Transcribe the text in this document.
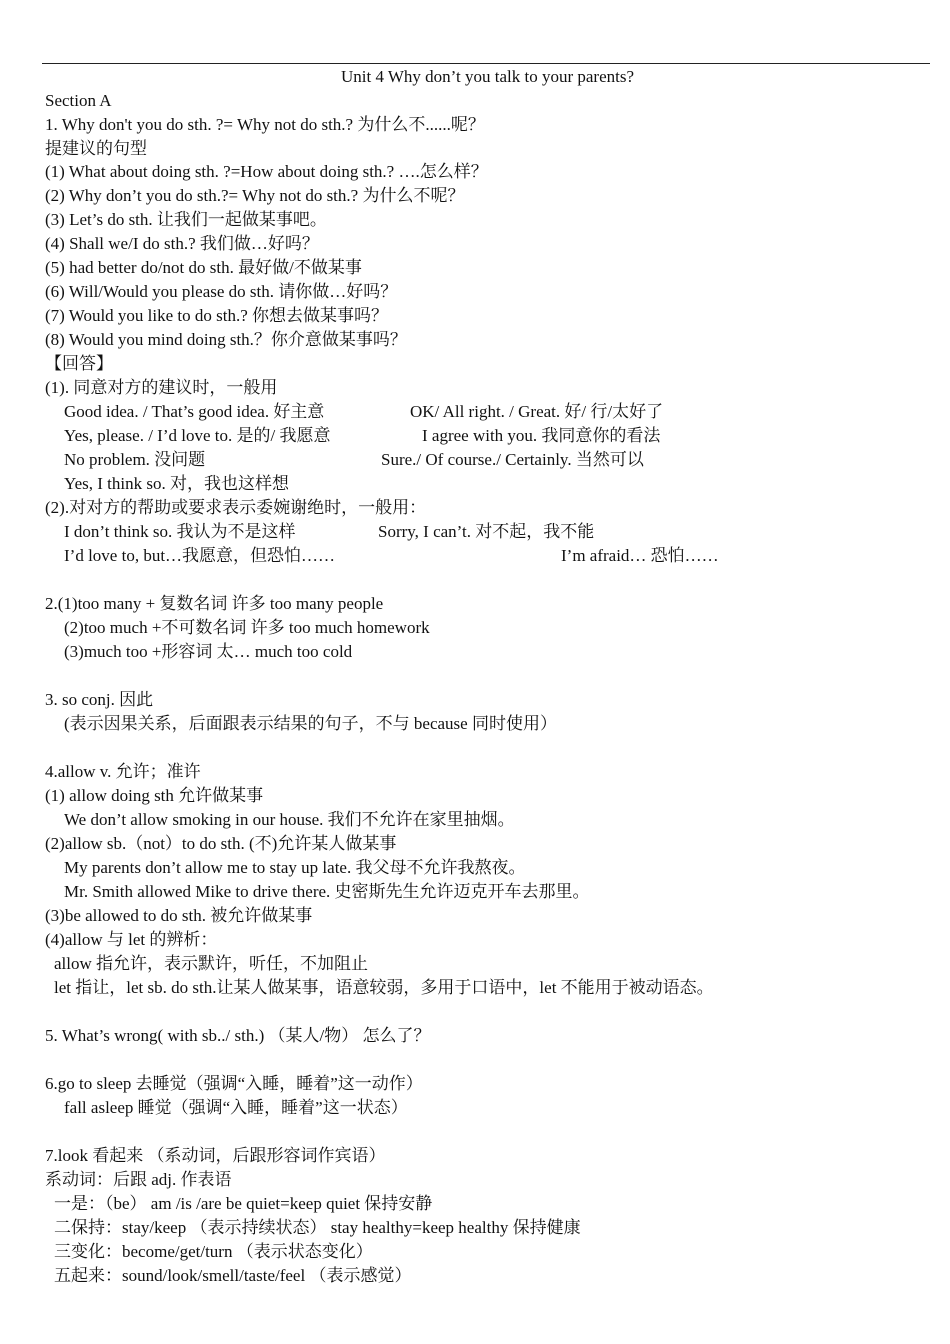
Unit 4 Why don’t you talk to your parents?
Section A
1. Why don't you do sth. ?= Why not do sth.? 为什么不......呢？
提建议的句型
(1) What about doing sth. ?=How about doing sth.? ….怎么样？
(2) Why don’t you do sth.?= Why not do sth.? 为什么不呢？
(3) Let’s do sth. 让我们一起做某事吧。
(4) Shall we/I do sth.? 我们做…好吗？
(5) had better do/not do sth. 最好做/不做某事
(6) Will/Would you please do sth. 请你做…好吗？
(7) Would you like to do sth.? 你想去做某事吗？
(8) Would you mind doing sth.？你介意做某事吗？
【回答】
(1). 同意对方的建议时，一般用
Good idea. / That’s good idea. 好主意	OK/ All right. / Great. 好/ 行/太好了
Yes, please. / I’d love to. 是的/ 我愿意	I agree with you. 我同意你的看法
No problem. 没问题	Sure./ Of course./ Certainly. 当然可以
Yes, I think so. 对，我也这样想
(2).对对方的帮助或要求表示委婉谢绝时，一般用：
I don’t think so. 我认为不是这样	Sorry, I can’t. 对不起，我不能
I’d love to, but…我愿意，但恐怕……	I’m afraid… 恐怕……
2.(1)too many + 复数名词 许多 too many people
(2)too much +不可数名词 许多 too much homework
(3)much too +形容词 太… much too cold
3. so conj. 因此
(表示因果关系，后面跟表示结果的句子，不与 because 同时使用）
4.allow v. 允许；准许
(1) allow doing sth 允许做某事
We don’t allow smoking in our house. 我们不允许在家里抽烟。
(2)allow sb.（not）to do sth. (不)允许某人做某事
My parents don’t allow me to stay up late. 我父母不允许我熬夜。
Mr. Smith allowed Mike to drive there. 史密斯先生允许迈克开车去那里。
(3)be allowed to do sth. 被允许做某事
(4)allow 与 let 的辨析：
allow 指允许，表示默许，听任，不加阻止
let 指让，let sb. do sth.让某人做某事，语意较弱，多用于口语中，let 不能用于被动语态。
5. What’s wrong( with sb../ sth.) （某人/物） 怎么了？
6.go to sleep 去睡觉（强调“入睡，睡着”这一动作）
fall asleep 睡觉（强调“入睡，睡着”这一状态）
7.look 看起来 （系动词，后跟形容词作宾语）
系动词：后跟 adj. 作表语
一是：（be） am /is /are be quiet=keep quiet 保持安静
二保持：stay/keep （表示持续状态） stay healthy=keep healthy 保持健康
三变化：become/get/turn （表示状态变化）
五起来：sound/look/smell/taste/feel （表示感觉）
